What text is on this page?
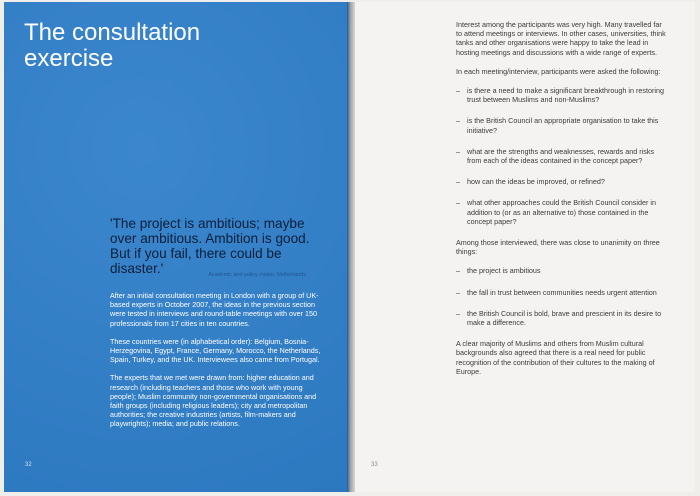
The consultation
exercise

'The project is ambitious; maybe over ambitious. Ambition is good. But if you fail, there could be disaster.'	Academic and policy maker, Netherlands

After an initial consultation meeting in London with a group of UK-based experts in October 2007, the ideas in the previous section were tested in interviews and round-table meetings with over 150 professionals from 17 cities in ten countries.

These countries were (in alphabetical order): Belgium, Bosnia-Herzegovina, Egypt, France, Germany, Morocco, the Netherlands, Spain, Turkey, and the UK. Interviewees also came from Portugal.

The experts that we met were drawn from: higher education and research (including teachers and those who work with young people); Muslim community non-governmental organisations and faith groups (including religious leaders); city and metropolitan authorities; the creative industries (artists, film-makers and playwrights); media; and public relations.

32

Interest among the participants was very high. Many travelled far to attend meetings or interviews. In other cases, universities, think tanks and other organisations were happy to take the lead in hosting meetings and discussions with a wide range of experts.

In each meeting/interview, participants were asked the following:

– is there a need to make a significant breakthrough in restoring trust between Muslims and non-Muslims?
– is the British Council an appropriate organisation to take this initiative?
– what are the strengths and weaknesses, rewards and risks from each of the ideas contained in the concept paper?
– how can the ideas be improved, or refined?
– what other approaches could the British Council consider in addition to (or as an alternative to) those contained in the concept paper?

Among those interviewed, there was close to unanimity on three things:

– the project is ambitious
– the fall in trust between communities needs urgent attention
– the British Council is bold, brave and prescient in its desire to make a difference.

A clear majority of Muslims and others from Muslim cultural backgrounds also agreed that there is a real need for public recognition of the contribution of their cultures to the making of Europe.

33
